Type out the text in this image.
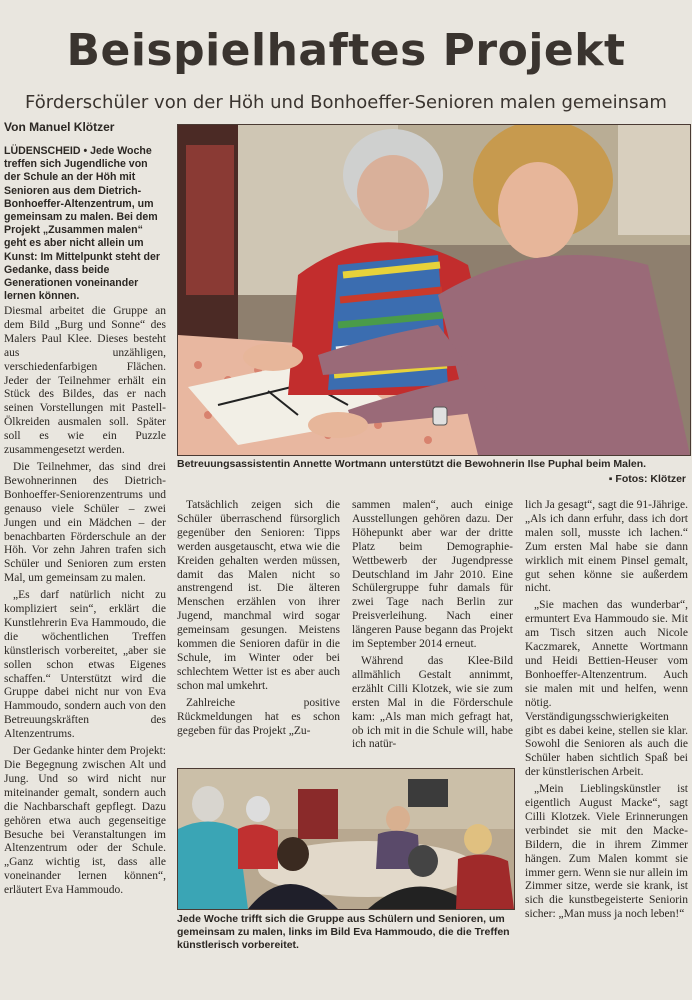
Beispielhaftes Projekt
Förderschüler von der Höh und Bonhoeffer-Senioren malen gemeinsam
Von Manuel Klötzer
LÜDENSCHEID • Jede Woche treffen sich Jugendliche von der Schule an der Höh mit Senioren aus dem Dietrich-Bonhoeffer-Altenzentrum, um gemeinsam zu malen. Bei dem Projekt „Zusammen malen“ geht es aber nicht allein um Kunst: Im Mittelpunkt steht der Gedanke, dass beide Generationen voneinander lernen können.
Betreuungsassistentin Annette Wortmann unterstützt die Bewohnerin Ilse Puphal beim Malen.
▪ Fotos: Klötzer

Diesmal arbeitet die Gruppe an dem Bild „Burg und Sonne“ des Malers Paul Klee. Dieses besteht aus unzähligen, verschiedenfarbigen Flächen. Jeder der Teilnehmer erhält ein Stück des Bildes, das er nach seinen Vorstellungen mit Pastell-Ölkreiden ausmalen soll. Später soll es wie ein Puzzle zusammengesetzt werden.

Die Teilnehmer, das sind drei Bewohnerinnen des Dietrich-Bonhoeffer-Seniorenzentrums und genauso viele Schüler – zwei Jungen und ein Mädchen – der benachbarten Förderschule an der Höh. Vor zehn Jahren trafen sich Schüler und Senioren zum ersten Mal, um gemeinsam zu malen.

„Es darf natürlich nicht zu kompliziert sein“, erklärt die Kunstlehrerin Eva Hammoudo, die die wöchentlichen Treffen künstlerisch vorbereitet, „aber sie sollen schon etwas Eigenes schaffen.“ Unterstützt wird die Gruppe dabei nicht nur von Eva Hammoudo, sondern auch von den Betreuungskräften des Altenzentrums.

Der Gedanke hinter dem Projekt: Die Begegnung zwischen Alt und Jung. Und so wird nicht nur miteinander gemalt, sondern auch die Nachbarschaft gepflegt. Dazu gehören etwa auch gegenseitige Besuche bei Veranstaltungen im Altenzentrum oder der Schule. „Ganz wichtig ist, dass alle voneinander lernen können“, erläutert Eva Hammoudo.

Tatsächlich zeigen sich die Schüler überraschend fürsorglich gegenüber den Senioren: Tipps werden ausgetauscht, etwa wie die Kreiden gehalten werden müssen, damit das Malen nicht so anstrengend ist. Die älteren Menschen erzählen von ihrer Jugend, manchmal wird sogar gemeinsam gesungen. Meistens kommen die Senioren dafür in die Schule, im Winter oder bei schlechtem Wetter ist es aber auch schon mal umkehrt.

Zahlreiche positive Rückmeldungen hat es schon gegeben für das Projekt „Zu-

sammen malen“, auch einige Ausstellungen gehören dazu. Der Höhepunkt aber war der dritte Platz beim Demographie-Wettbewerb der Jugendpresse Deutschland im Jahr 2010. Eine Schülergruppe fuhr damals für zwei Tage nach Berlin zur Preisverleihung. Nach einer längeren Pause begann das Projekt im September 2014 erneut.

Während das Klee-Bild allmählich Gestalt annimmt, erzählt Cilli Klotzek, wie sie zum ersten Mal in die Förderschule kam: „Als man mich gefragt hat, ob ich mit in die Schule will, habe ich natür-

lich Ja gesagt“, sagt die 91-Jährige. „Als ich dann erfuhr, dass ich dort malen soll, musste ich lachen.“ Zum ersten Mal habe sie dann wirklich mit einem Pinsel gemalt, gut sehen könne sie außerdem nicht.

„Sie machen das wunderbar“, ermuntert Eva Hammoudo sie. Mit am Tisch sitzen auch Nicole Kaczmarek, Annette Wortmann und Heidi Bettien-Heuser vom Bonhoeffer-Altenzentrum. Auch sie malen mit und helfen, wenn nötig. Verständigungsschwierigkeiten gibt es dabei keine, stellen sie klar. Sowohl die Senioren als auch die Schüler haben sichtlich Spaß bei der künstlerischen Arbeit.

„Mein Lieblingskünstler ist eigentlich August Macke“, sagt Cilli Klotzek. Viele Erinnerungen verbindet sie mit den Macke-Bildern, die in ihrem Zimmer hängen. Zum Malen kommt sie immer gern. Wenn sie nur allein im Zimmer sitze, werde sie krank, ist sich die kunstbegeisterte Seniorin sicher: „Man muss ja noch leben!“

Jede Woche trifft sich die Gruppe aus Schülern und Senioren, um gemeinsam zu malen, links im Bild Eva Hammoudo, die die Treffen künstlerisch vorbereitet.
